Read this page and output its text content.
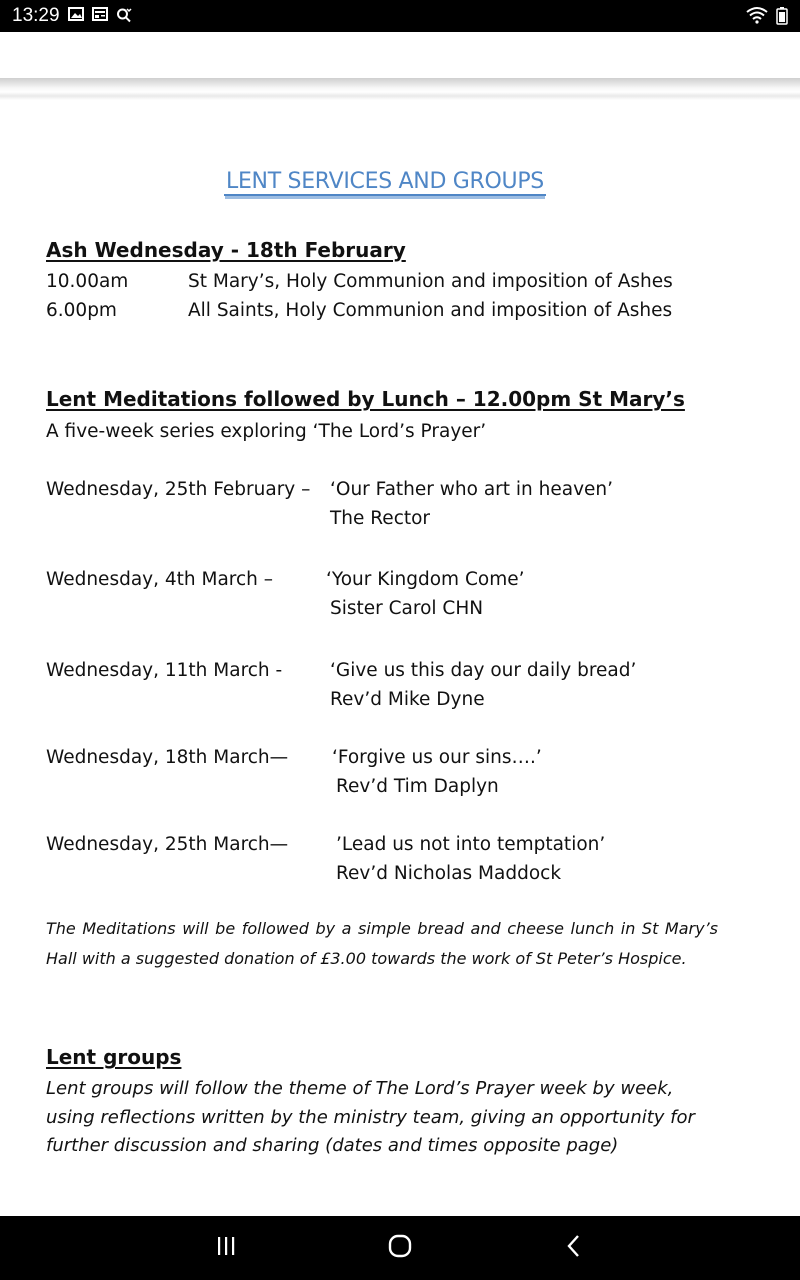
13:29
LENT SERVICES AND GROUPS
Ash Wednesday - 18th February
10.00am	St Mary’s, Holy Communion and imposition of Ashes
6.00pm	All Saints, Holy Communion and imposition of Ashes
Lent Meditations followed by Lunch – 12.00pm St Mary’s
A five-week series exploring ‘The Lord’s Prayer’
Wednesday, 25th February – ‘Our Father who art in heaven’
The Rector
Wednesday, 4th March –	‘Your Kingdom Come’
Sister Carol CHN
Wednesday, 11th March -	‘Give us this day our daily bread’
Rev’d Mike Dyne
Wednesday, 18th March— ‘Forgive us our sins….’
Rev’d Tim Daplyn
Wednesday, 25th March—	’Lead us not into temptation’
Rev’d Nicholas Maddock
The Meditations will be followed by a simple bread and cheese lunch in St Mary’s Hall with a suggested donation of £3.00 towards the work of St Peter’s Hospice.
Lent groups
Lent groups will follow the theme of The Lord’s Prayer week by week, using reflections written by the ministry team, giving an opportunity for further discussion and sharing (dates and times opposite page)
